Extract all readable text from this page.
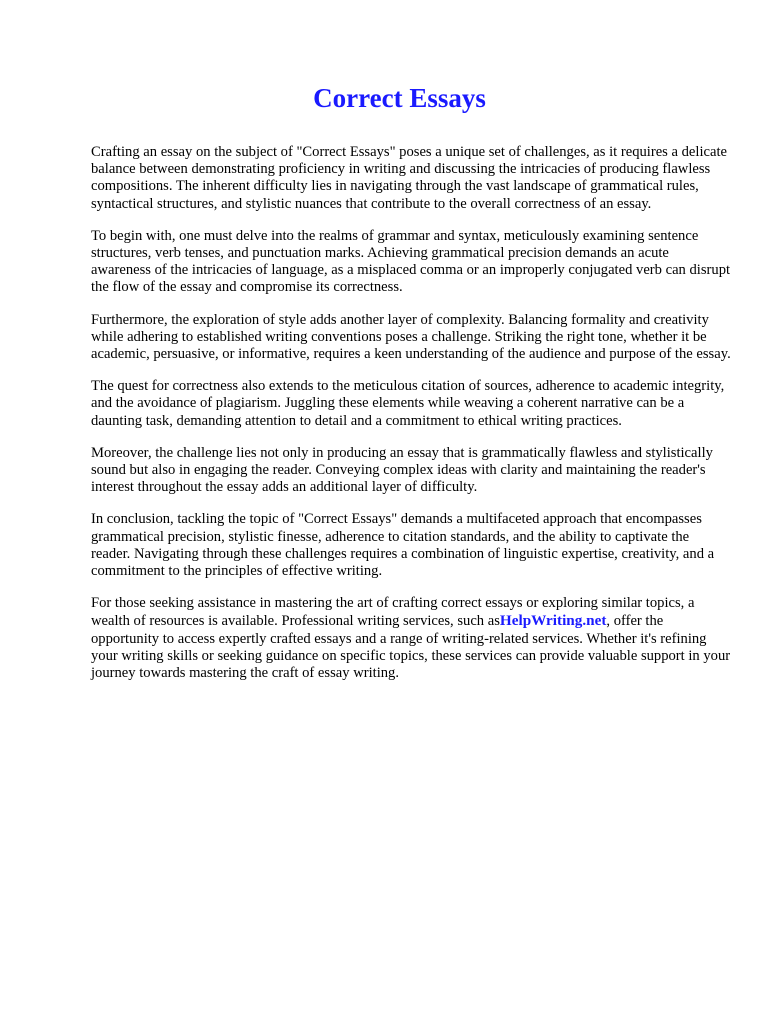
Correct Essays

Crafting an essay on the subject of "Correct Essays" poses a unique set of challenges, as it requires a delicate balance between demonstrating proficiency in writing and discussing the intricacies of producing flawless compositions. The inherent difficulty lies in navigating through the vast landscape of grammatical rules, syntactical structures, and stylistic nuances that contribute to the overall correctness of an essay.

To begin with, one must delve into the realms of grammar and syntax, meticulously examining sentence structures, verb tenses, and punctuation marks. Achieving grammatical precision demands an acute awareness of the intricacies of language, as a misplaced comma or an improperly conjugated verb can disrupt the flow of the essay and compromise its correctness.

Furthermore, the exploration of style adds another layer of complexity. Balancing formality and creativity while adhering to established writing conventions poses a challenge. Striking the right tone, whether it be academic, persuasive, or informative, requires a keen understanding of the audience and purpose of the essay.

The quest for correctness also extends to the meticulous citation of sources, adherence to academic integrity, and the avoidance of plagiarism. Juggling these elements while weaving a coherent narrative can be a daunting task, demanding attention to detail and a commitment to ethical writing practices.

Moreover, the challenge lies not only in producing an essay that is grammatically flawless and stylistically sound but also in engaging the reader. Conveying complex ideas with clarity and maintaining the reader's interest throughout the essay adds an additional layer of difficulty.

In conclusion, tackling the topic of "Correct Essays" demands a multifaceted approach that encompasses grammatical precision, stylistic finesse, adherence to citation standards, and the ability to captivate the reader. Navigating through these challenges requires a combination of linguistic expertise, creativity, and a commitment to the principles of effective writing.

For those seeking assistance in mastering the art of crafting correct essays or exploring similar topics, a wealth of resources is available. Professional writing services, such asHelpWriting.net, offer the opportunity to access expertly crafted essays and a range of writing-related services. Whether it's refining your writing skills or seeking guidance on specific topics, these services can provide valuable support in your journey towards mastering the craft of essay writing.
